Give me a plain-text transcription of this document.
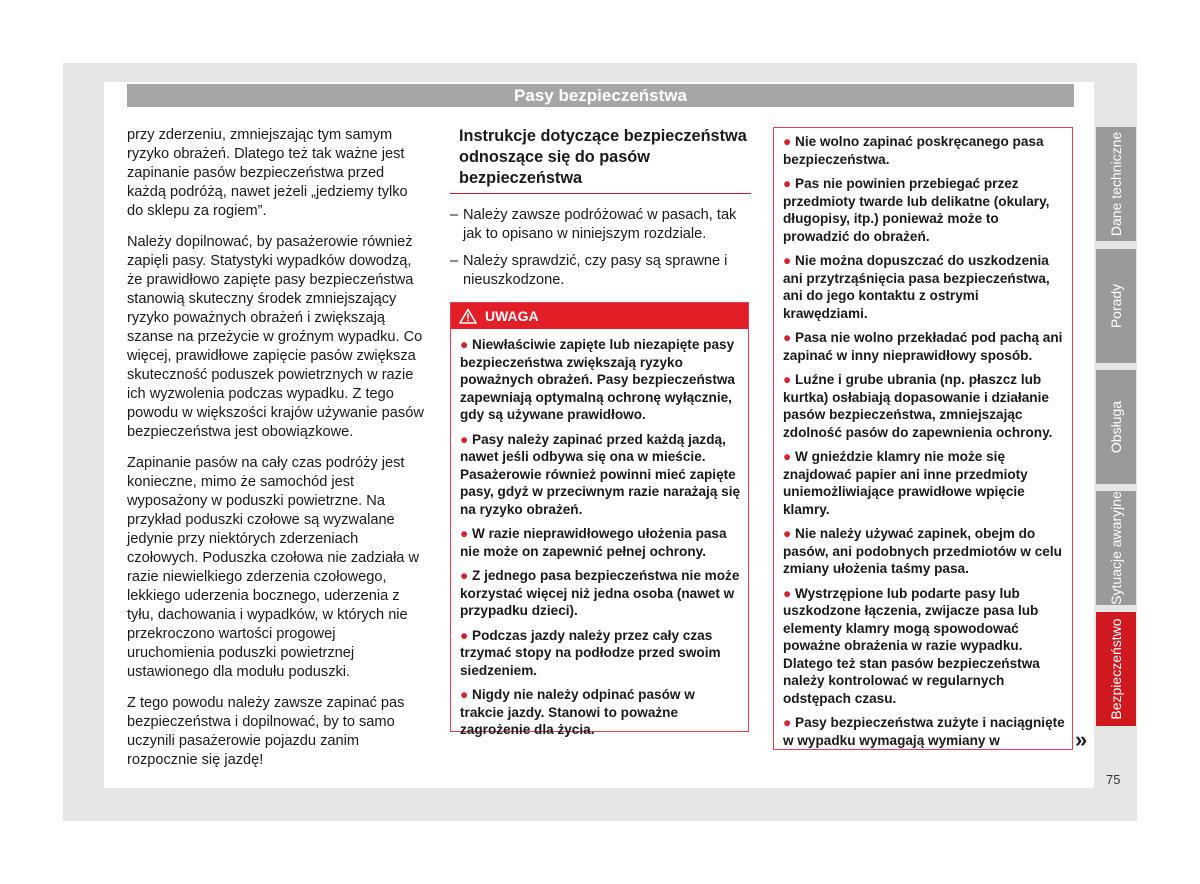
Pasy bezpieczeństwa

przy zderzeniu, zmniejszając tym samym ryzyko obrażeń. Dlatego też tak ważne jest zapinanie pasów bezpieczeństwa przed każdą podróżą, nawet jeżeli „jedziemy tylko do sklepu za rogiem”.

Należy dopilnować, by pasażerowie również zapięli pasy. Statystyki wypadków dowodzą, że prawidłowo zapięte pasy bezpieczeństwa stanowią skuteczny środek zmniejszający ryzyko poważnych obrażeń i zwiększają szanse na przeżycie w groźnym wypadku. Co więcej, prawidłowe zapięcie pasów zwiększa skuteczność poduszek powietrznych w razie ich wyzwolenia podczas wypadku. Z tego powodu w większości krajów używanie pasów bezpieczeństwa jest obowiązkowe.

Zapinanie pasów na cały czas podróży jest konieczne, mimo że samochód jest wyposażony w poduszki powietrzne. Na przykład poduszki czołowe są wyzwalane jedynie przy niektórych zderzeniach czołowych. Poduszka czołowa nie zadziała w razie niewielkiego zderzenia czołowego, lekkiego uderzenia bocznego, uderzenia z tyłu, dachowania i wypadków, w których nie przekroczono wartości progowej uruchomienia poduszki powietrznej ustawionego dla modułu poduszki.

Z tego powodu należy zawsze zapinać pas bezpieczeństwa i dopilnować, by to samo uczynili pasażerowie pojazdu zanim rozpocznie się jazdę!

Instrukcje dotyczące bezpieczeństwa odnoszące się do pasów bezpieczeństwa
– Należy zawsze podróżować w pasach, tak jak to opisano w niniejszym rozdziale.
– Należy sprawdzić, czy pasy są sprawne i nieuszkodzone.
UWAGA
● Niewłaściwie zapięte lub niezapięte pasy bezpieczeństwa zwiększają ryzyko poważnych obrażeń. Pasy bezpieczeństwa zapewniają optymalną ochronę wyłącznie, gdy są używane prawidłowo.
● Pasy należy zapinać przed każdą jazdą, nawet jeśli odbywa się ona w mieście. Pasażerowie również powinni mieć zapięte pasy, gdyż w przeciwnym razie narażają się na ryzyko obrażeń.
● W razie nieprawidłowego ułożenia pasa nie może on zapewnić pełnej ochrony.
● Z jednego pasa bezpieczeństwa nie może korzystać więcej niż jedna osoba (nawet w przypadku dzieci).
● Podczas jazdy należy przez cały czas trzymać stopy na podłodze przed swoim siedzeniem.
● Nigdy nie należy odpinać pasów w trakcie jazdy. Stanowi to poważne zagrożenie dla życia.
● Nie wolno zapinać poskręcanego pasa bezpieczeństwa.
● Pas nie powinien przebiegać przez przedmioty twarde lub delikatne (okulary, długopisy, itp.) ponieważ może to prowadzić do obrażeń.
● Nie można dopuszczać do uszkodzenia ani przytrząśnięcia pasa bezpieczeństwa, ani do jego kontaktu z ostrymi krawędziami.
● Pasa nie wolno przekładać pod pachą ani zapinać w inny nieprawidłowy sposób.
● Luźne i grube ubrania (np. płaszcz lub kurtka) osłabiają dopasowanie i działanie pasów bezpieczeństwa, zmniejszając zdolność pasów do zapewnienia ochrony.
● W gnieździe klamry nie może się znajdować papier ani inne przedmioty uniemożliwiające prawidłowe wpięcie klamry.
● Nie należy używać zapinek, obejm do pasów, ani podobnych przedmiotów w celu zmiany ułożenia taśmy pasa.
● Wystrzępione lub podarte pasy lub uszkodzone łączenia, zwijacze pasa lub elementy klamry mogą spowodować poważne obrażenia w razie wypadku. Dlatego też stan pasów bezpieczeństwa należy kontrolować w regularnych odstępach czasu.
● Pasy bezpieczeństwa zużyte i naciągnięte w wypadku wymagają wymiany w	»
Dane techniczne
Porady
Obsługa
Sytuacje awaryjne
Bezpieczeństwo
75
